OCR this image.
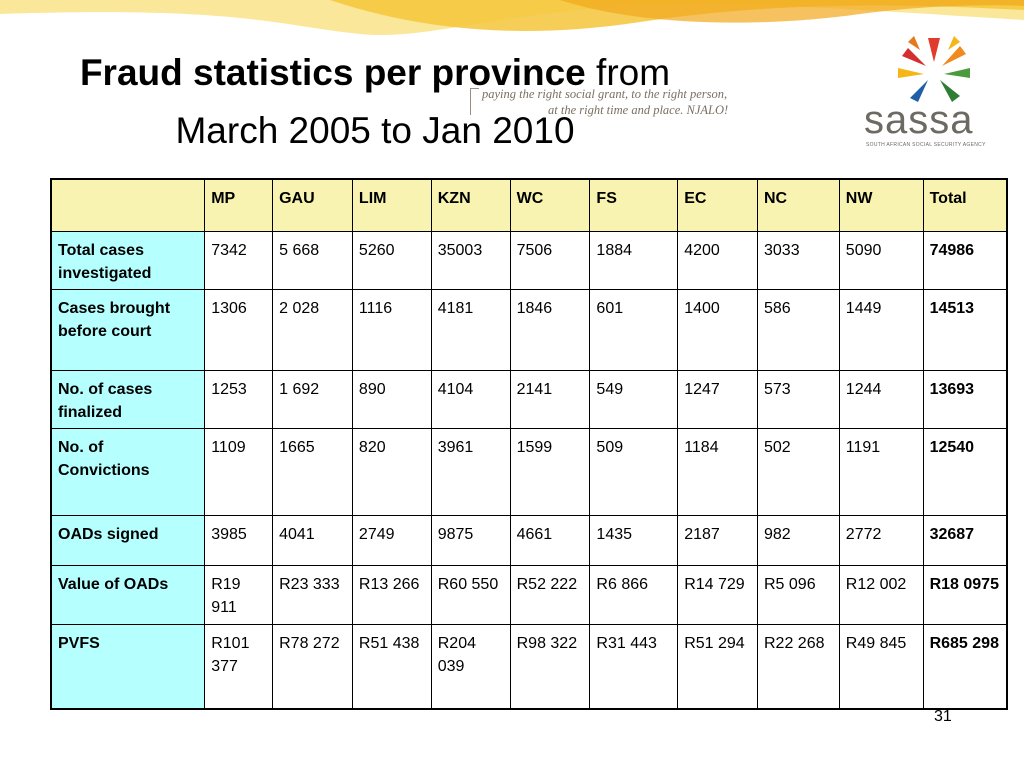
Fraud statistics per province from March 2005 to Jan 2010
paying the right social grant, to the right person,
at the right time and place. NJALO!	sassa
SOUTH AFRICAN SOCIAL SECURITY AGENCY
	MP	GAU	LIM	KZN	WC	FS	EC	NC	NW	Total
Total cases investigated	7342	5 668	5260	35003	7506	1884	4200	3033	5090	74986
Cases brought before court	1306	2 028	1116	4181	1846	601	1400	586	1449	14513
No. of cases finalized	1253	1 692	890	4104	2141	549	1247	573	1244	13693
No. of Convictions	1109	1665	820	3961	1599	509	1184	502	1191	12540
OADs signed	3985	4041	2749	9875	4661	1435	2187	982	2772	32687
Value of OADs	R19 911	R23 333	R13 266	R60 550	R52 222	R6 866	R14 729	R5 096	R12 002	R18 0975
PVFS	R101 377	R78 272	R51 438	R204 039	R98 322	R31 443	R51 294	R22 268	R49 845	R685 298
31
